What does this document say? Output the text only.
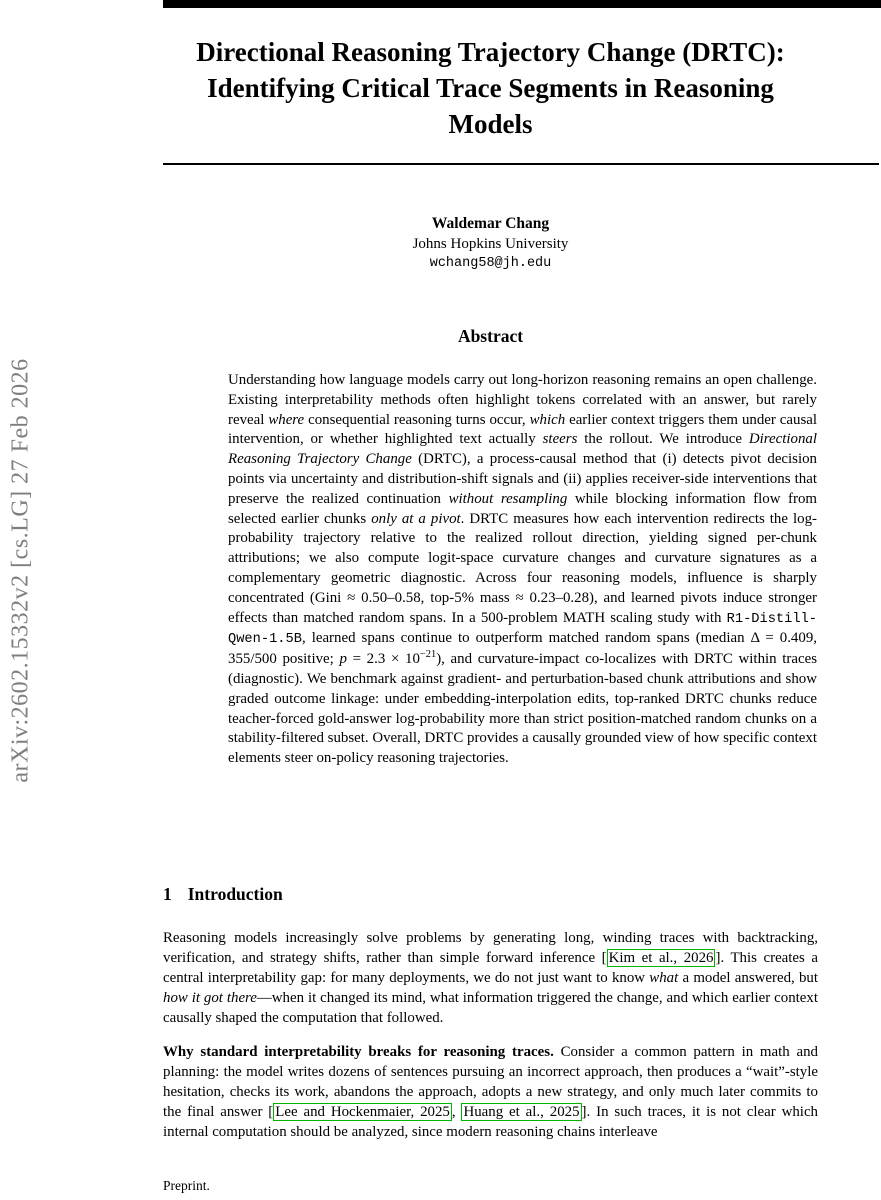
arXiv:2602.15332v2 [cs.LG] 27 Feb 2026
Directional Reasoning Trajectory Change (DRTC):
Identifying Critical Trace Segments in Reasoning
Models
Waldemar Chang
Johns Hopkins University
wchang58@jh.edu
Abstract
Understanding how language models carry out long-horizon reasoning remains an open challenge. Existing interpretability methods often highlight tokens correlated with an answer, but rarely reveal where consequential reasoning turns occur, which earlier context triggers them under causal intervention, or whether highlighted text actually steers the rollout. We introduce Directional Reasoning Trajectory Change (DRTC), a process-causal method that (i) detects pivot decision points via uncertainty and distribution-shift signals and (ii) applies receiver-side interventions that preserve the realized continuation without resampling while blocking information flow from selected earlier chunks only at a pivot. DRTC measures how each intervention redirects the log-probability trajectory relative to the realized rollout direction, yielding signed per-chunk attributions; we also compute logit-space curvature changes and curvature signatures as a complementary geometric diagnostic. Across four reasoning models, influence is sharply concentrated (Gini ≈ 0.50–0.58, top-5% mass ≈ 0.23–0.28), and learned pivots induce stronger effects than matched random spans. In a 500-problem MATH scaling study with R1-Distill-Qwen-1.5B, learned spans continue to outperform matched random spans (median Δ = 0.409, 355/500 positive; $p = 2.3 \times 10^{-21}$), and curvature-impact co-localizes with DRTC within traces (diagnostic). We benchmark against gradient- and perturbation-based chunk attributions and show graded outcome linkage: under embedding-interpolation edits, top-ranked DRTC chunks reduce teacher-forced gold-answer log-probability more than strict position-matched random chunks on a stability-filtered subset. Overall, DRTC provides a causally grounded view of how specific context elements steer on-policy reasoning trajectories.
1 Introduction

Reasoning models increasingly solve problems by generating long, winding traces with backtracking, verification, and strategy shifts, rather than simple forward inference [ Kim et al., 2026 ]. This creates a central interpretability gap: for many deployments, we do not just want to know what a model answered, but how it got there—when it changed its mind, what information triggered the change, and which earlier context causally shaped the computation that followed.

Why standard interpretability breaks for reasoning traces. Consider a common pattern in math and planning: the model writes dozens of sentences pursuing an incorrect approach, then produces a “wait”-style hesitation, checks its work, abandons the approach, adopts a new strategy, and only much later commits to the final answer [ Lee and Hockenmaier, 2025 , Huang et al., 2025 ]. In such traces, it is not clear which internal computation should be analyzed, since modern reasoning chains interleave

Preprint.
